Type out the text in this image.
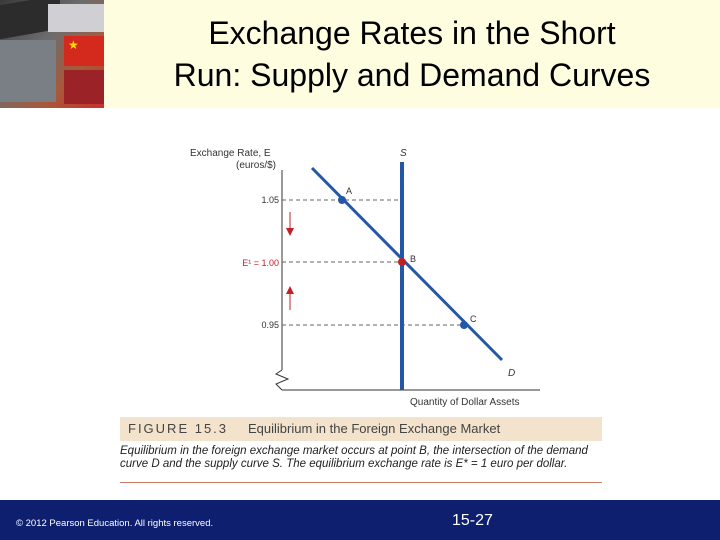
★
Exchange Rates in the Short
Run: Supply and Demand Curves
Exchange Rate, E
(euros/$)
Quantity of Dollar Assets
1.05
E¹ = 1.00
0.95
S
D
A
B
C
FIGURE 15.3 Equilibrium in the Foreign Exchange Market
Equilibrium in the foreign exchange market occurs at point B, the intersection of the demand curve D and the supply curve S. The equilibrium exchange rate is E* = 1 euro per dollar.
© 2012 Pearson Education. All rights reserved.	15-27
